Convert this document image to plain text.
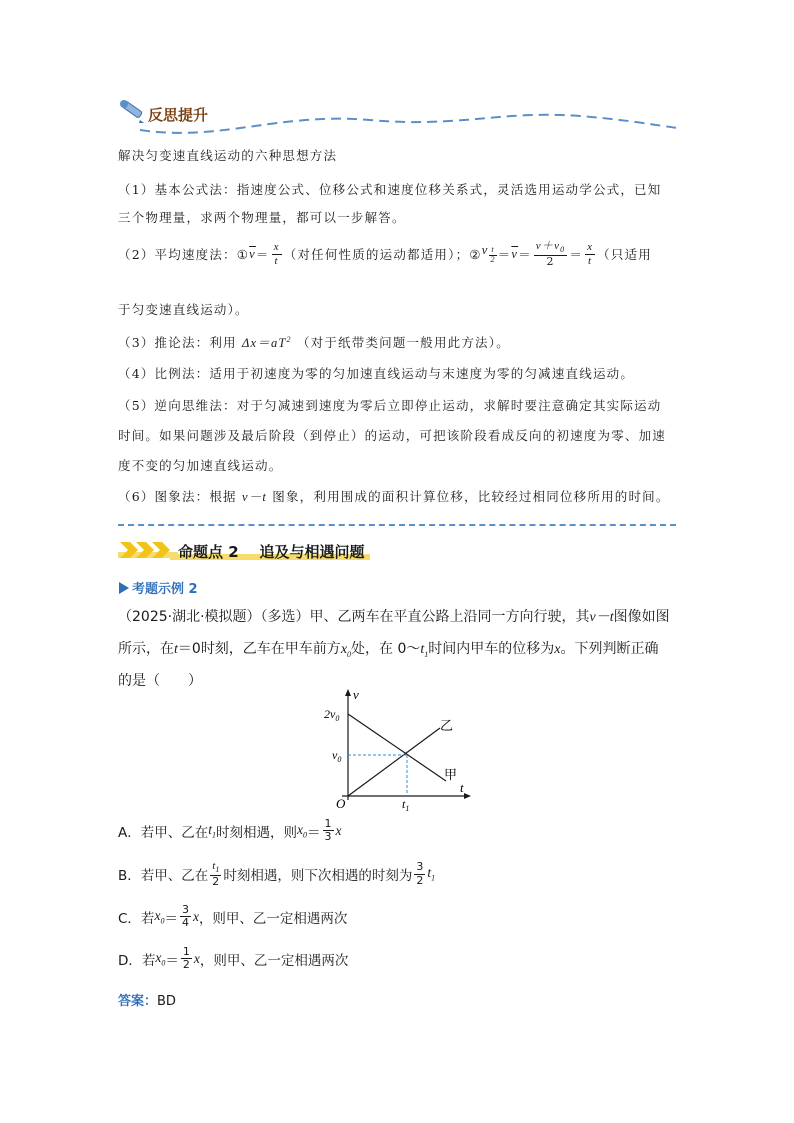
反思提升
解决匀变速直线运动的六种思想方法
（1）基本公式法：指速度公式、位移公式和速度位移关系式，灵活选用运动学公式，已知
三个物理量，求两个物理量，都可以一步解答。
（2）平均速度法： ① $\overline{v} = \frac{x}{t}$ （对任何性质的运动都适用）； ② v $_{\frac{t}{2}} = \overline{v} = \frac{v+v_0}{2} = \frac{x}{t}$ （只适用
于匀变速直线运动）。
（3）推论法：利用 $\Delta x=aT^2$ （对于纸带类问题一般用此方法）。
（4）比例法：适用于初速度为零的匀加速直线运动与末速度为零的匀减速直线运动。
（5）逆向思维法：对于匀减速到速度为零后立即停止运动，求解时要注意确定其实际运动
时间。如果问题涉及最后阶段（到停止）的运动，可把该阶段看成反向的初速度为零、加速
度不变的匀加速直线运动。
（6）图象法：根据 v－t 图象，利用围成的面积计算位移，比较经过相同位移所用的时间。
命题点 2    追及与相遇问题
考题示例 2
（2025·湖北·模拟题）（多选）甲、乙两车在平直公路上沿同一方向行驶，其v－t图像如图
所示，在t＝0时刻，乙车在甲车前方$x_0$处，在 $0\sim t_1$时间内甲车的位移为x。下列判断正确
的是（　　）
v
t
O
$2v_0$
$v_0$
$t_1$
甲
乙
A．若甲、乙在 $t_1$ 时刻相遇，则 $x_0 = \frac{1}{3}$ x
B．若甲、乙在 $\frac{t_1}{2}$ 时刻相遇，则下次相遇的时刻为 $\frac{3}{2} t_1$
C．若 $x_0 = \frac{3}{4}$ x ，则甲、乙一定相遇两次
D．若 $x_0 = \frac{1}{2}$ x ，则甲、乙一定相遇两次
答案：BD
